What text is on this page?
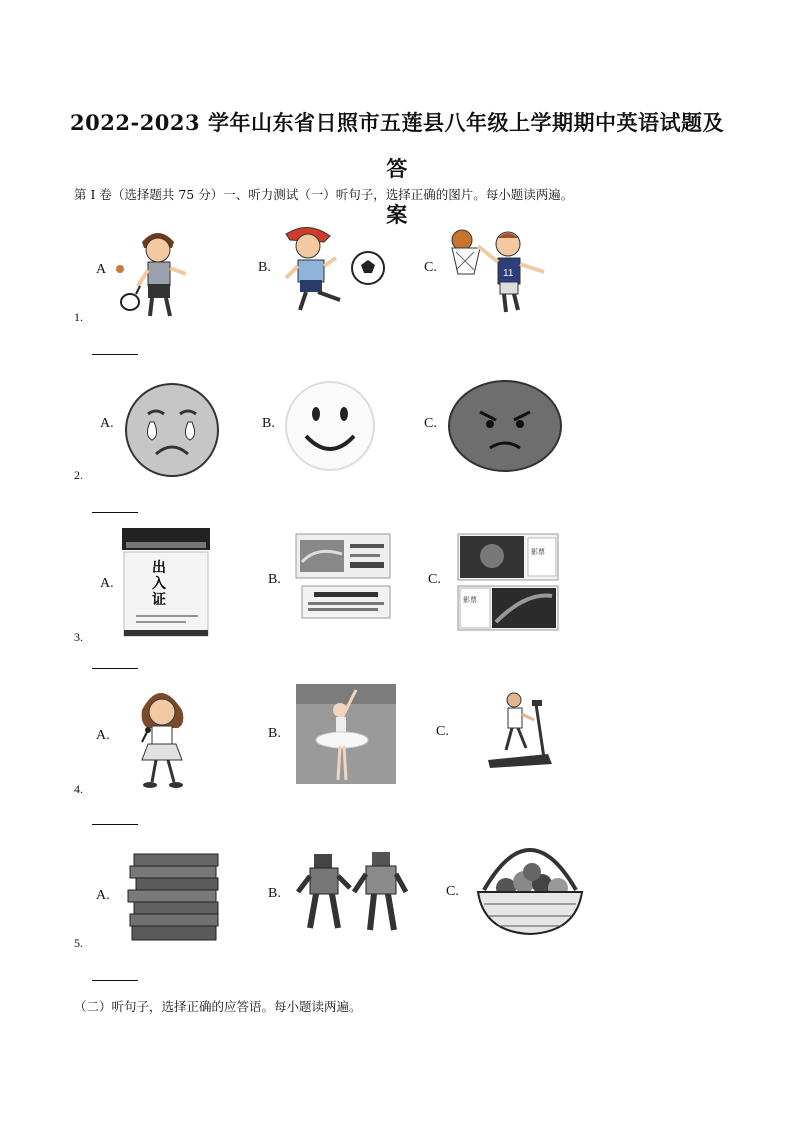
2022-2023 学年山东省日照市五莲县八年级上学期期中英语试题及答
案
第 I 卷（选择题共 75 分）一、听力测试（一）听句子，选择正确的图片。每小题读两遍。
A	B.	C.	11
1.
A.	B.	C.
2.
A.
出
入
证
B.	C.
影票
影票
3.
A.	B.	C.
4.
A.	B.	C.
5.
（二）听句子，选择正确的应答语。每小题读两遍。
